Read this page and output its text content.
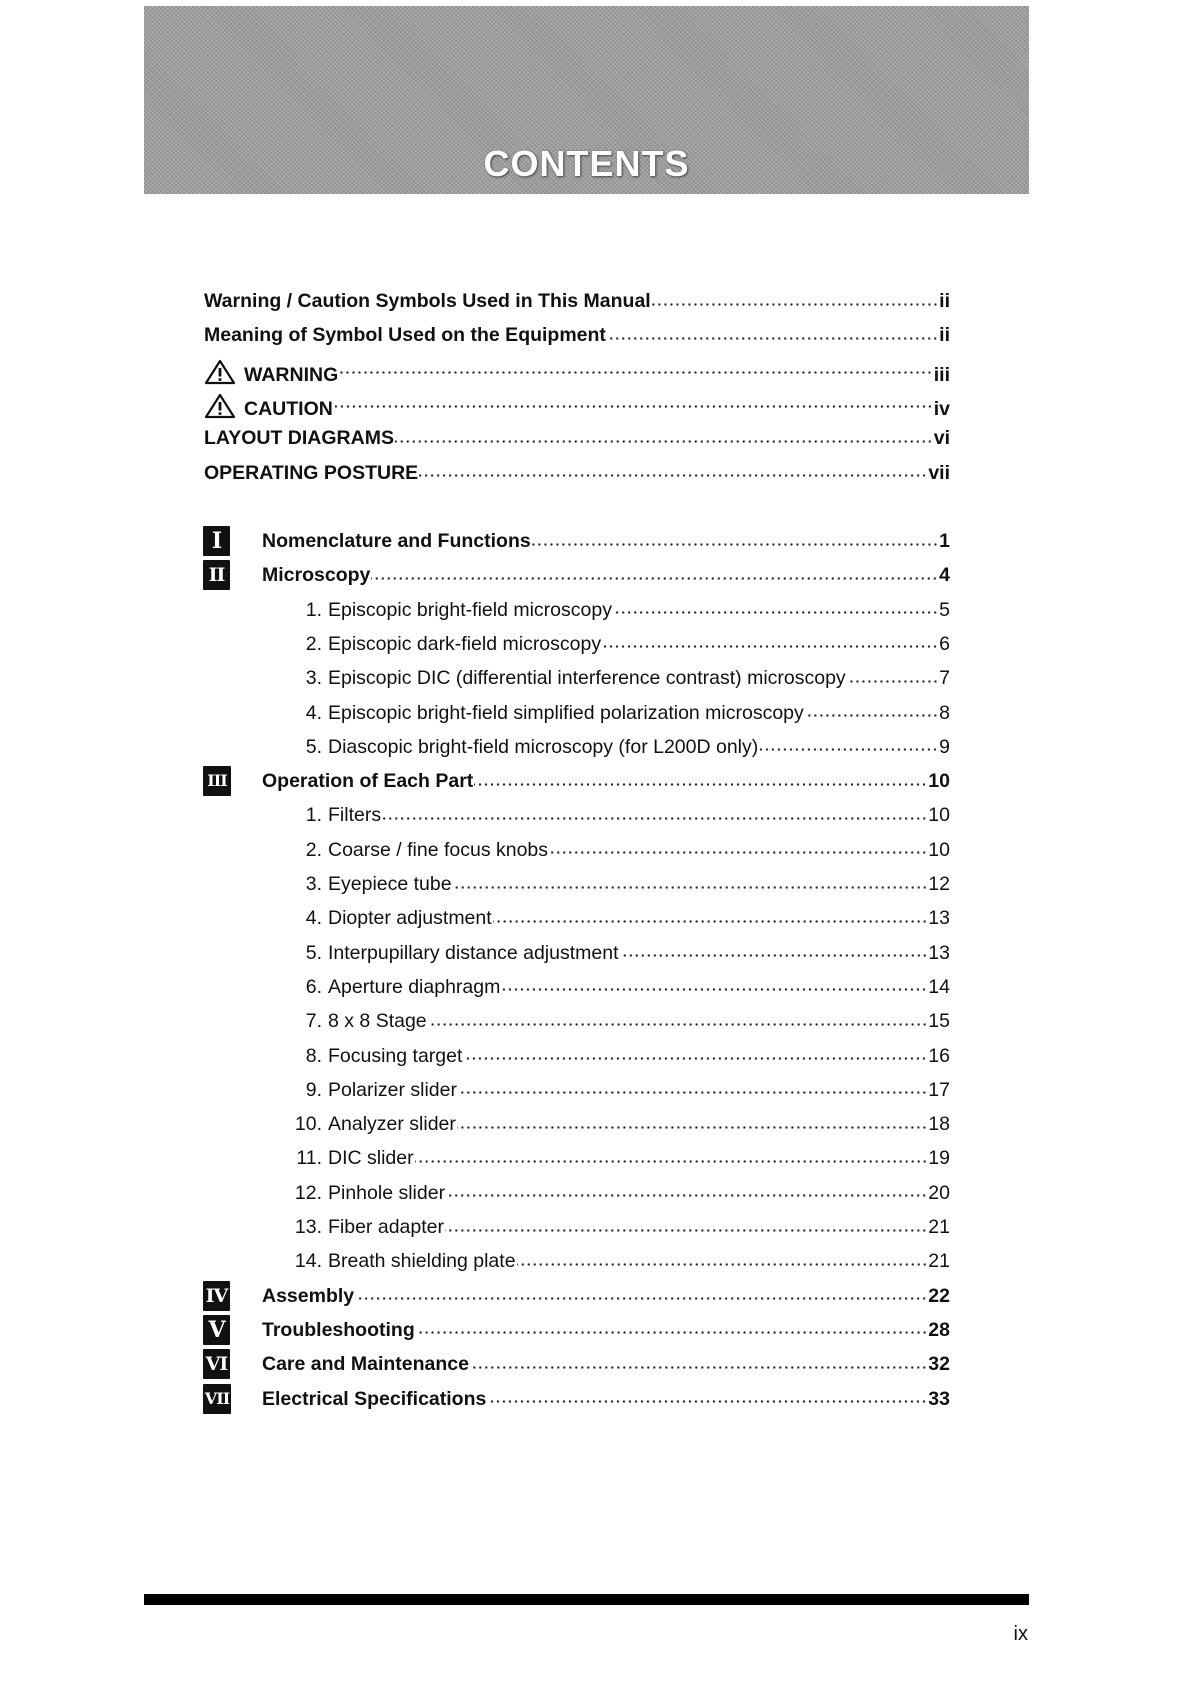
CONTENTS
Warning / Caution Symbols Used in This Manual	ii
Meaning of Symbol Used on the Equipment	ii
WARNING	iii
CAUTION	iv
LAYOUT DIAGRAMS	vi
OPERATING POSTURE	vii
I	Nomenclature and Functions	1
II Microscopy	4
1. Episcopic bright-field microscopy	5
2. Episcopic dark-field microscopy	6
3. Episcopic DIC (differential interference contrast) microscopy	7
4. Episcopic bright-field simplified polarization microscopy	8
5. Diascopic bright-field microscopy (for L200D only)	9
III Operation of Each Part	10
1. Filters	10
2. Coarse / fine focus knobs	10
3. Eyepiece tube	12
4. Diopter adjustment	13
5. Interpupillary distance adjustment	13
6. Aperture diaphragm	14
7. 8 x 8 Stage	15
8. Focusing target	16
9. Polarizer slider	17
10. Analyzer slider	18
11. DIC slider	19
12. Pinhole slider	20
13. Fiber adapter	21
14. Breath shielding plate	21
IV Assembly	22
V Troubleshooting	28
VI Care and Maintenance	32
VII Electrical Specifications	33
ix
